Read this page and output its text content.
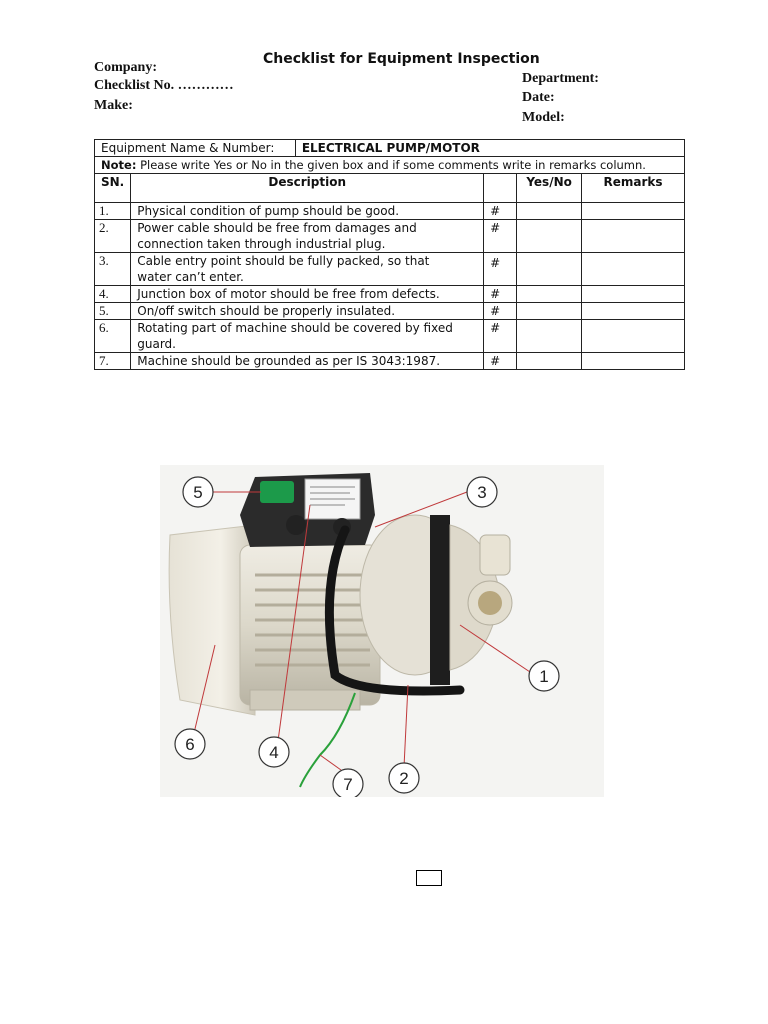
Company:
Checklist No. …………
Make:
Checklist for Equipment Inspection
Department:
Date:
Model:
Equipment Name & Number:		ELECTRICAL PUMP/MOTOR			
Note: Please write Yes or No in the given box and if some comments write in remarks column.					
SN.	Description			Yes/No	Remarks
1.	Physical condition of pump should be good.		#		
2.	Power cable should be free from damages and
connection taken through industrial plug.		#		
3.	Cable entry point should be fully packed, so that
water can’t enter.		#		
4.	Junction box of motor should be free from defects.		#		
5.	On/off switch should be properly insulated.		#		
6.	Rotating part of machine should be covered by fixed
guard.		#		
7.	Machine should be grounded as per IS 3043:1987.		#		
5	3
1
2
4
6
7
